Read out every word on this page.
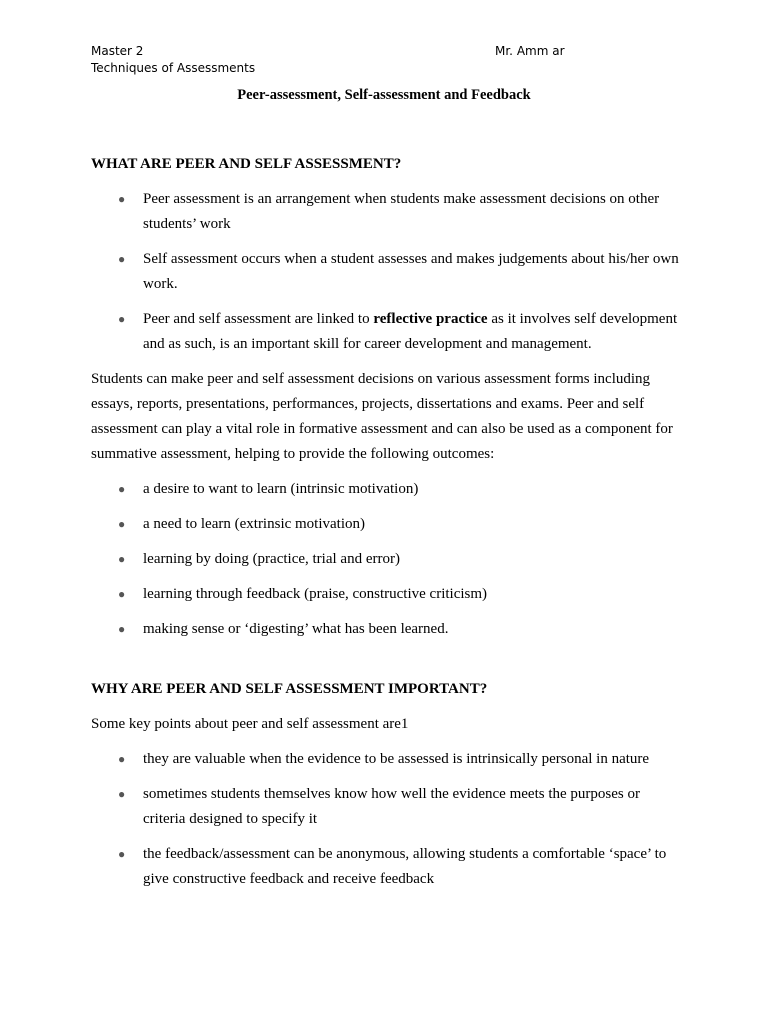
Master 2
Techniques of Assessments
Mr. Amm ar
Peer-assessment, Self-assessment and Feedback
WHAT ARE PEER AND SELF ASSESSMENT?
● Peer assessment is an arrangement when students make assessment decisions on other students’ work
● Self assessment occurs when a student assesses and makes judgements about his/her own work.
● Peer and self assessment are linked to reflective practice as it involves self development and as such, is an important skill for career development and management.

Students can make peer and self assessment decisions on various assessment forms including essays, reports, presentations, performances, projects, dissertations and exams. Peer and self assessment can play a vital role in formative assessment and can also be used as a component for summative assessment, helping to provide the following outcomes:

● a desire to want to learn (intrinsic motivation)
● a need to learn (extrinsic motivation)
● learning by doing (practice, trial and error)
● learning through feedback (praise, constructive criticism)
● making sense or ‘digesting’ what has been learned.
WHY ARE PEER AND SELF ASSESSMENT IMPORTANT?

Some key points about peer and self assessment are1

● they are valuable when the evidence to be assessed is intrinsically personal in nature
● sometimes students themselves know how well the evidence meets the purposes or criteria designed to specify it
● the feedback/assessment can be anonymous, allowing students a comfortable ‘space’ to give constructive feedback and receive feedback
